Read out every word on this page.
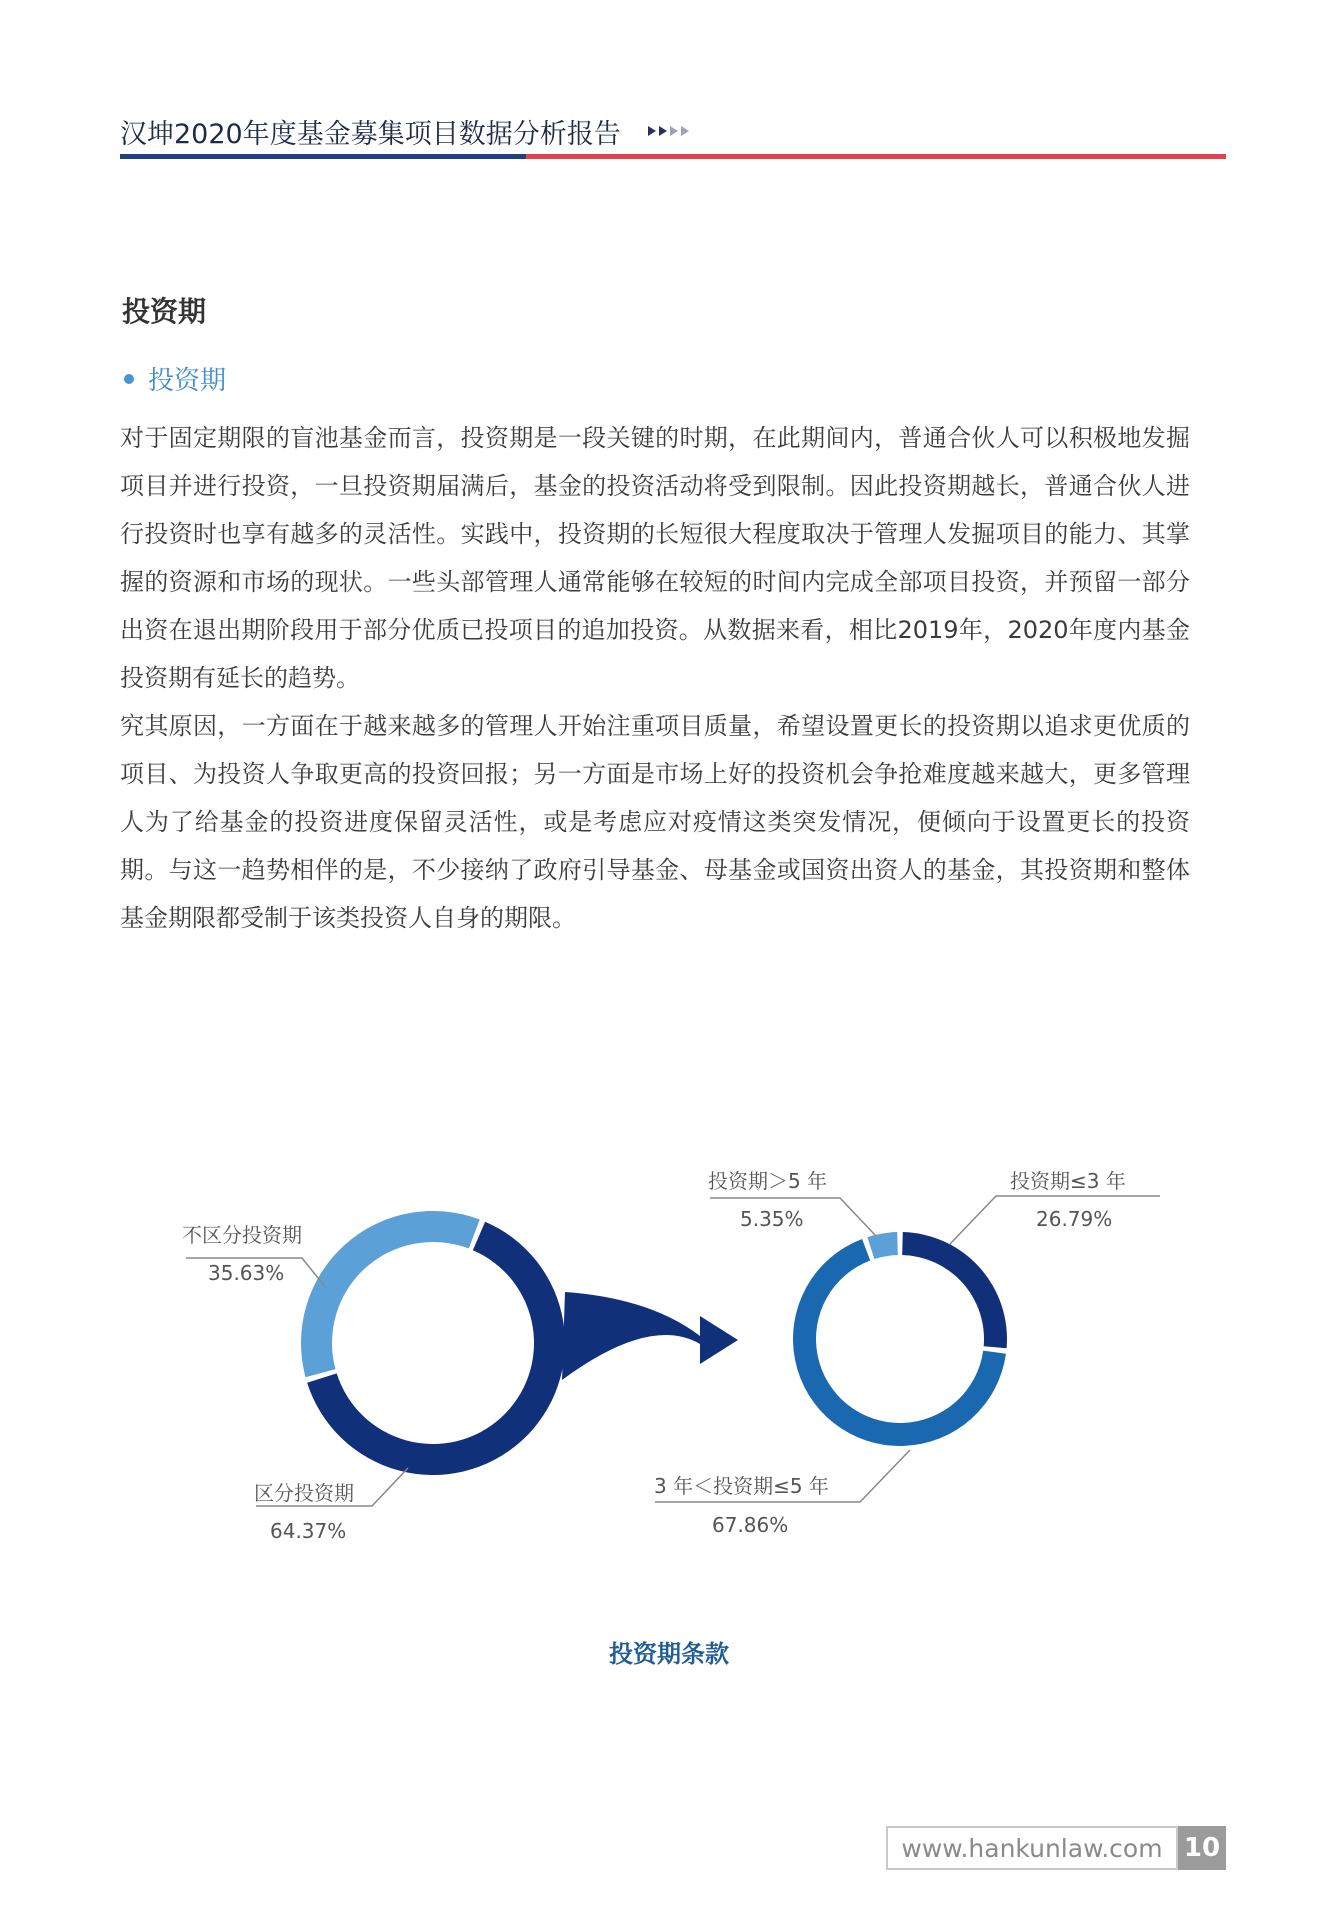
汉坤2020年度基金募集项目数据分析报告
投资期
投资期
对于固定期限的盲池基金而言，投资期是一段关键的时期，在此期间内，普通合伙人可以积极地发掘项目并进行投资，一旦投资期届满后，基金的投资活动将受到限制。因此投资期越长，普通合伙人进行投资时也享有越多的灵活性。实践中，投资期的长短很大程度取决于管理人发掘项目的能力、其掌握的资源和市场的现状。一些头部管理人通常能够在较短的时间内完成全部项目投资，并预留一部分出资在退出期阶段用于部分优质已投项目的追加投资。从数据来看，相比2019年，2020年度内基金投资期有延长的趋势。
究其原因，一方面在于越来越多的管理人开始注重项目质量，希望设置更长的投资期以追求更优质的项目、为投资人争取更高的投资回报；另一方面是市场上好的投资机会争抢难度越来越大，更多管理人为了给基金的投资进度保留灵活性，或是考虑应对疫情这类突发情况，便倾向于设置更长的投资期。与这一趋势相伴的是，不少接纳了政府引导基金、母基金或国资出资人的基金，其投资期和整体基金期限都受制于该类投资人自身的期限。
不区分投资期
35.63%
区分投资期
64.37%
投资期＞5 年
5.35%
投资期≤3 年
26.79%
3 年＜投资期≤5 年
67.86%
投资期条款
www.hankunlaw.com 10
